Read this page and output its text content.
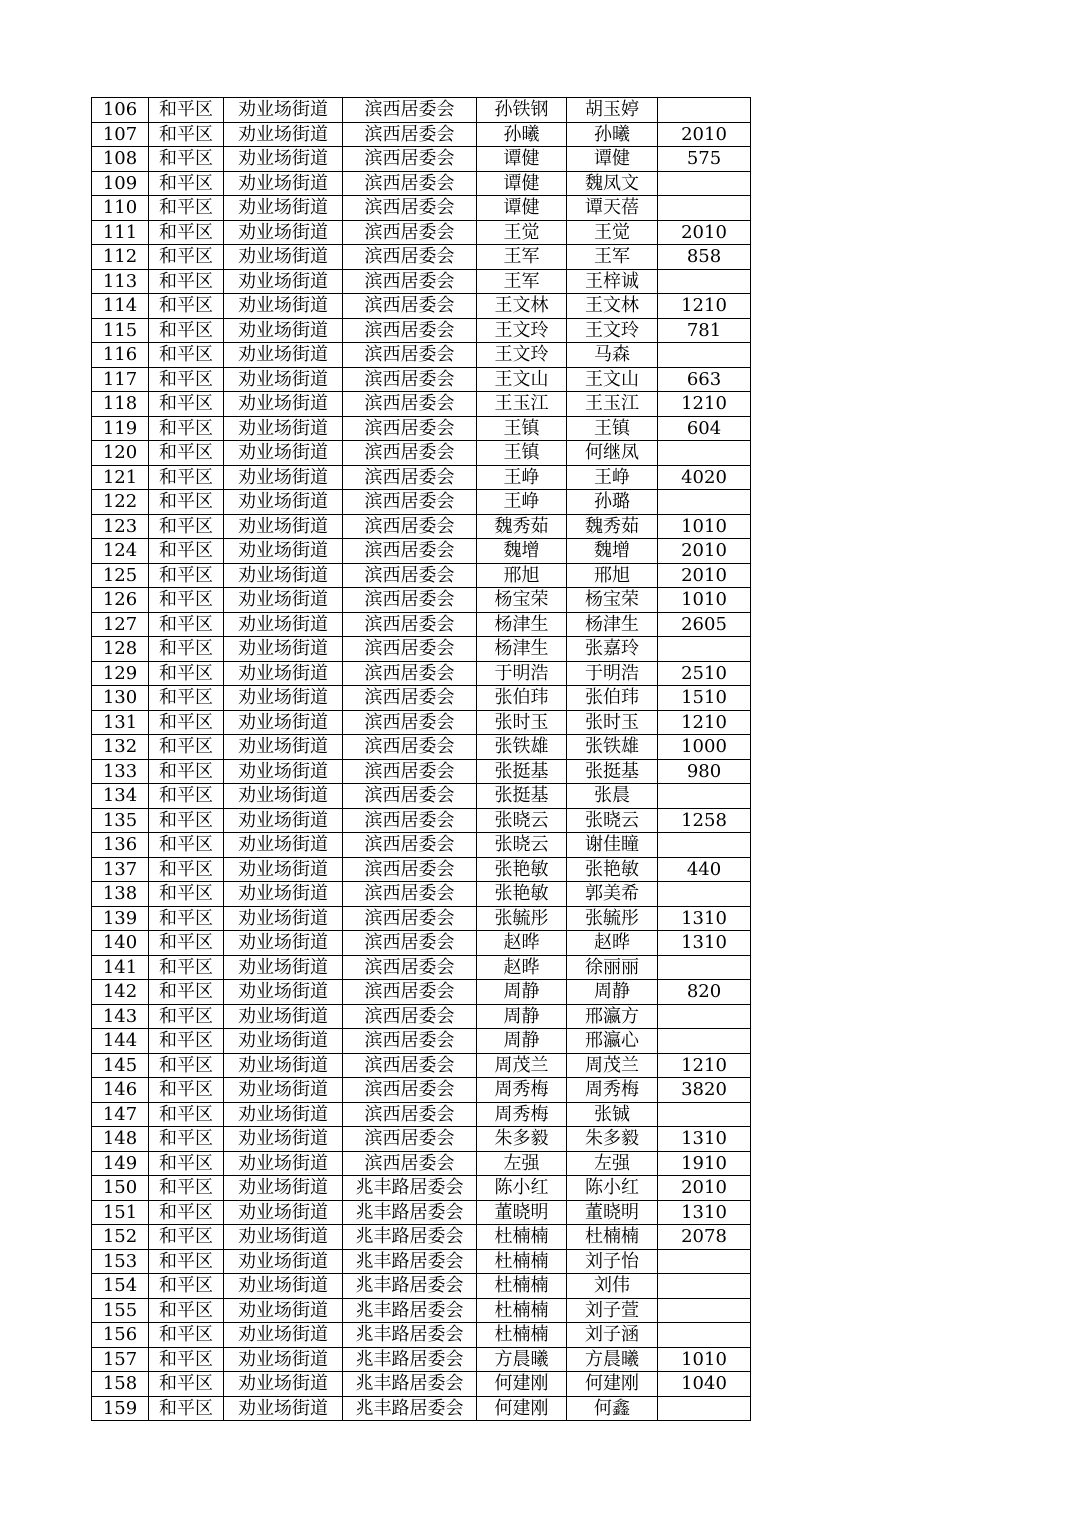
106	和平区	劝业场街道	滨西居委会	孙铁钢	胡玉婷	
107	和平区	劝业场街道	滨西居委会	孙曦	孙曦	2010
108	和平区	劝业场街道	滨西居委会	谭健	谭健	575
109	和平区	劝业场街道	滨西居委会	谭健	魏凤文	
110	和平区	劝业场街道	滨西居委会	谭健	谭天蓓	
111	和平区	劝业场街道	滨西居委会	王觉	王觉	2010
112	和平区	劝业场街道	滨西居委会	王军	王军	858
113	和平区	劝业场街道	滨西居委会	王军	王梓诚	
114	和平区	劝业场街道	滨西居委会	王文林	王文林	1210
115	和平区	劝业场街道	滨西居委会	王文玲	王文玲	781
116	和平区	劝业场街道	滨西居委会	王文玲	马森	
117	和平区	劝业场街道	滨西居委会	王文山	王文山	663
118	和平区	劝业场街道	滨西居委会	王玉江	王玉江	1210
119	和平区	劝业场街道	滨西居委会	王镇	王镇	604
120	和平区	劝业场街道	滨西居委会	王镇	何继凤	
121	和平区	劝业场街道	滨西居委会	王峥	王峥	4020
122	和平区	劝业场街道	滨西居委会	王峥	孙璐	
123	和平区	劝业场街道	滨西居委会	魏秀茹	魏秀茹	1010
124	和平区	劝业场街道	滨西居委会	魏增	魏增	2010
125	和平区	劝业场街道	滨西居委会	邢旭	邢旭	2010
126	和平区	劝业场街道	滨西居委会	杨宝荣	杨宝荣	1010
127	和平区	劝业场街道	滨西居委会	杨津生	杨津生	2605
128	和平区	劝业场街道	滨西居委会	杨津生	张嘉玲	
129	和平区	劝业场街道	滨西居委会	于明浩	于明浩	2510
130	和平区	劝业场街道	滨西居委会	张伯玮	张伯玮	1510
131	和平区	劝业场街道	滨西居委会	张时玉	张时玉	1210
132	和平区	劝业场街道	滨西居委会	张铁雄	张铁雄	1000
133	和平区	劝业场街道	滨西居委会	张挺基	张挺基	980
134	和平区	劝业场街道	滨西居委会	张挺基	张晨	
135	和平区	劝业场街道	滨西居委会	张晓云	张晓云	1258
136	和平区	劝业场街道	滨西居委会	张晓云	谢佳瞳	
137	和平区	劝业场街道	滨西居委会	张艳敏	张艳敏	440
138	和平区	劝业场街道	滨西居委会	张艳敏	郭美希	
139	和平区	劝业场街道	滨西居委会	张毓彤	张毓彤	1310
140	和平区	劝业场街道	滨西居委会	赵晔	赵晔	1310
141	和平区	劝业场街道	滨西居委会	赵晔	徐丽丽	
142	和平区	劝业场街道	滨西居委会	周静	周静	820
143	和平区	劝业场街道	滨西居委会	周静	邢瀛方	
144	和平区	劝业场街道	滨西居委会	周静	邢瀛心	
145	和平区	劝业场街道	滨西居委会	周茂兰	周茂兰	1210
146	和平区	劝业场街道	滨西居委会	周秀梅	周秀梅	3820
147	和平区	劝业场街道	滨西居委会	周秀梅	张铖	
148	和平区	劝业场街道	滨西居委会	朱多毅	朱多毅	1310
149	和平区	劝业场街道	滨西居委会	左强	左强	1910
150	和平区	劝业场街道	兆丰路居委会	陈小红	陈小红	2010
151	和平区	劝业场街道	兆丰路居委会	董晓明	董晓明	1310
152	和平区	劝业场街道	兆丰路居委会	杜楠楠	杜楠楠	2078
153	和平区	劝业场街道	兆丰路居委会	杜楠楠	刘子怡	
154	和平区	劝业场街道	兆丰路居委会	杜楠楠	刘伟	
155	和平区	劝业场街道	兆丰路居委会	杜楠楠	刘子萱	
156	和平区	劝业场街道	兆丰路居委会	杜楠楠	刘子涵	
157	和平区	劝业场街道	兆丰路居委会	方晨曦	方晨曦	1010
158	和平区	劝业场街道	兆丰路居委会	何建刚	何建刚	1040
159	和平区	劝业场街道	兆丰路居委会	何建刚	何鑫	
